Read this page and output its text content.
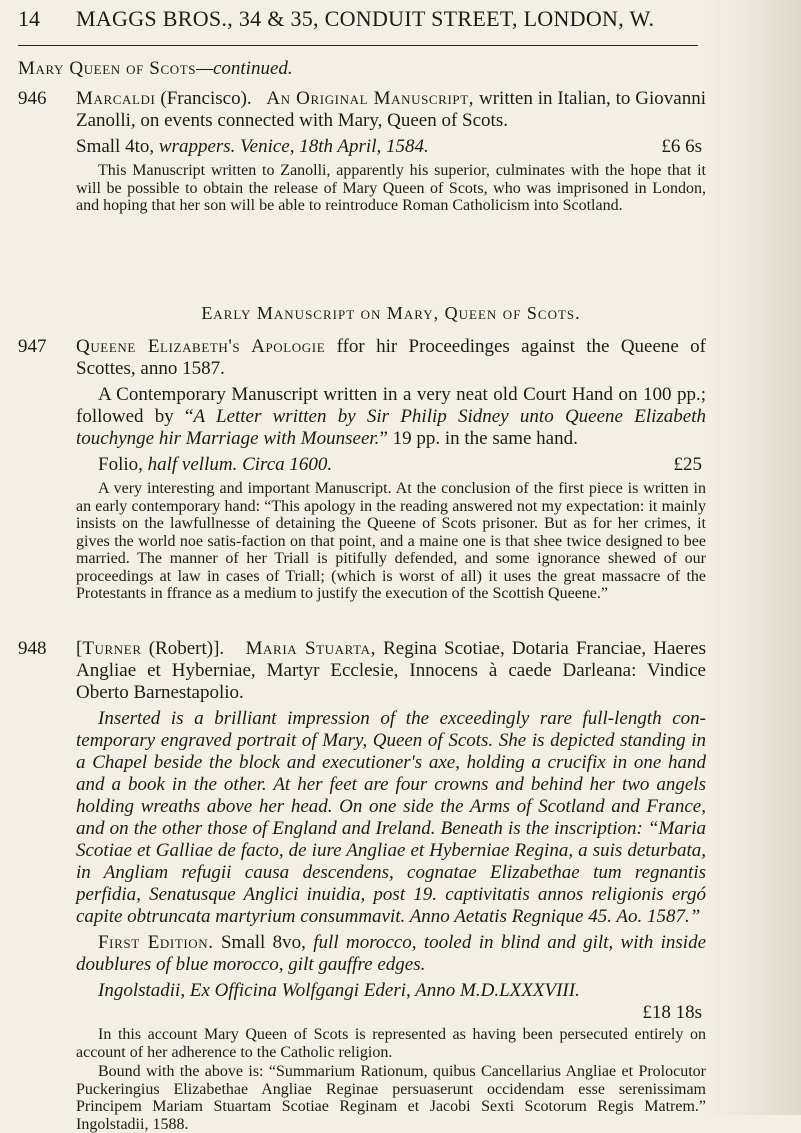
14 MAGGS BROS., 34 & 35, CONDUIT STREET, LONDON, W.
Mary Queen of Scots—continued.
946 Marcaldi (Francisco). An Original Manuscript, written in Italian, to Giovanni Zanolli, on events connected with Mary, Queen of Scots.

Small 4to, wrappers. Venice, 18th April, 1584.	£6 6s

This Manuscript written to Zanolli, apparently his superior, culminates with the hope that it will be possible to obtain the release of Mary Queen of Scots, who was imprisoned in London, and hoping that her son will be able to reintroduce Roman Catholicism into Scotland.

Early Manuscript on Mary, Queen of Scots.

947 Queene Elizabeth's Apologie ffor hir Proceedinges against the Queene of Scottes, anno 1587.

A Contemporary Manuscript written in a very neat old Court Hand on 100 pp.; followed by “A Letter written by Sir Philip Sidney unto Queene Elizabeth touchynge hir Marriage with Mounseer.” 19 pp. in the same hand.

Folio, half vellum. Circa 1600.	£25

A very interesting and important Manuscript. At the conclusion of the first piece is written in an early contemporary hand: “This apology in the reading answered not my expectation: it mainly insists on the lawfullnesse of detaining the Queene of Scots prisoner. But as for her crimes, it gives the world noe satis-faction on that point, and a maine one is that shee twice designed to bee married. The manner of her Triall is pitifully defended, and some ignorance shewed of our proceedings at law in cases of Triall; (which is worst of all) it uses the great massacre of the Protestants in ffrance as a medium to justify the execution of the Scottish Queene.”

948 [Turner (Robert)]. Maria Stuarta, Regina Scotiae, Dotaria Franciae, Haeres Angliae et Hyberniae, Martyr Ecclesie, Innocens à caede Darleana: Vindice Oberto Barnestapolio.

Inserted is a brilliant impression of the exceedingly rare full-length con-temporary engraved portrait of Mary, Queen of Scots. She is depicted standing in a Chapel beside the block and executioner's axe, holding a crucifix in one hand and a book in the other. At her feet are four crowns and behind her two angels holding wreaths above her head. On one side the Arms of Scotland and France, and on the other those of England and Ireland. Beneath is the inscription: “Maria Scotiae et Galliae de facto, de iure Angliae et Hyberniae Regina, a suis deturbata, in Angliam refugii causa descendens, cognatae Elizabethae tum regnantis perfidia, Senatusque Anglici inuidia, post 19. captivitatis annos religionis ergó capite obtruncata martyrium consummavit. Anno Aetatis Regnique 45. Ao. 1587.”

First Edition. Small 8vo, full morocco, tooled in blind and gilt, with inside doublures of blue morocco, gilt gauffre edges.

Ingolstadii, Ex Officina Wolfgangi Ederi, Anno M.D.LXXXVIII.

£18 18s

In this account Mary Queen of Scots is represented as having been persecuted entirely on account of her adherence to the Catholic religion.

Bound with the above is: “Summarium Rationum, quibus Cancellarius Angliae et Prolocutor Puckeringius Elizabethae Angliae Reginae persuaserunt occidendam esse serenissimam Principem Mariam Stuartam Scotiae Reginam et Jacobi Sexti Scotorum Regis Matrem.” Ingolstadii, 1588.
